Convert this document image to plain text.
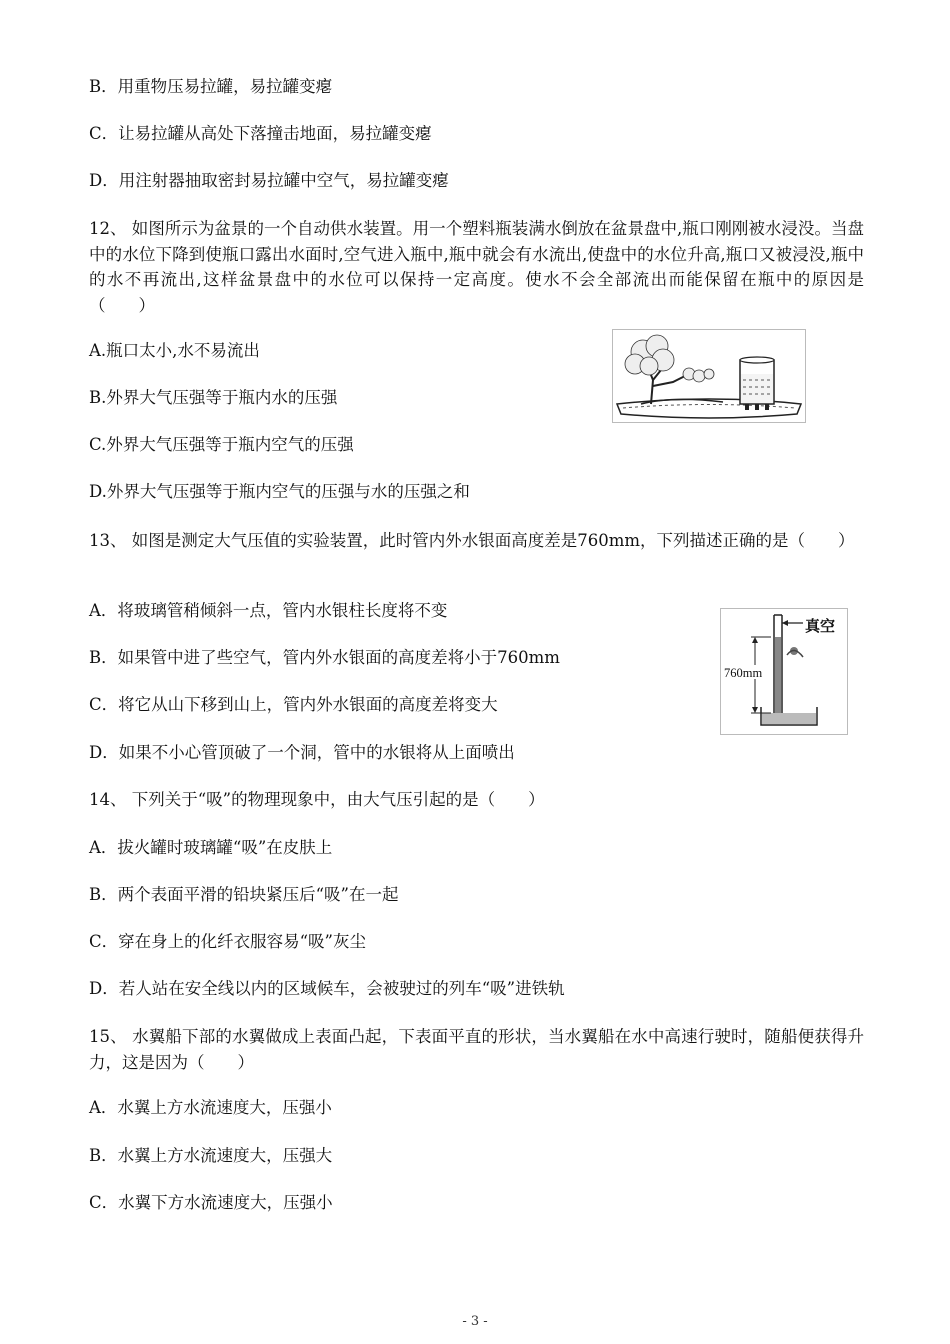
B．用重物压易拉罐，易拉罐变瘪
C．让易拉罐从高处下落撞击地面，易拉罐变瘪
D．用注射器抽取密封易拉罐中空气，易拉罐变瘪
12、 如图所示为盆景的一个自动供水装置。用一个塑料瓶装满水倒放在盆景盘中,瓶口刚刚被水浸没。当盘中的水位下降到使瓶口露出水面时,空气进入瓶中,瓶中就会有水流出,使盘中的水位升高,瓶口又被浸没,瓶中的水不再流出,这样盆景盘中的水位可以保持一定高度。使水不会全部流出而能保留在瓶中的原因是 （　　）
A.瓶口太小,水不易流出
B.外界大气压强等于瓶内水的压强
C.外界大气压强等于瓶内空气的压强
D.外界大气压强等于瓶内空气的压强与水的压强之和
13、 如图是测定大气压值的实验装置，此时管内外水银面高度差是760mm，下列描述正确的是（　　）
A．将玻璃管稍倾斜一点，管内水银柱长度将不变
B．如果管中进了些空气，管内外水银面的高度差将小于760mm
C．将它从山下移到山上，管内外水银面的高度差将变大
D．如果不小心管顶破了一个洞，管中的水银将从上面喷出
真空
760mm
14、 下列关于“吸”的物理现象中，由大气压引起的是（　　）
A．拔火罐时玻璃罐“吸”在皮肤上
B．两个表面平滑的铅块紧压后“吸”在一起
C．穿在身上的化纤衣服容易“吸”灰尘
D．若人站在安全线以内的区域候车，会被驶过的列车“吸”进铁轨
15、 水翼船下部的水翼做成上表面凸起，下表面平直的形状，当水翼船在水中高速行驶时，随船便获得升力，这是因为（　　）
A．水翼上方水流速度大，压强小
B．水翼上方水流速度大，压强大
C．水翼下方水流速度大，压强小
- 3 -
